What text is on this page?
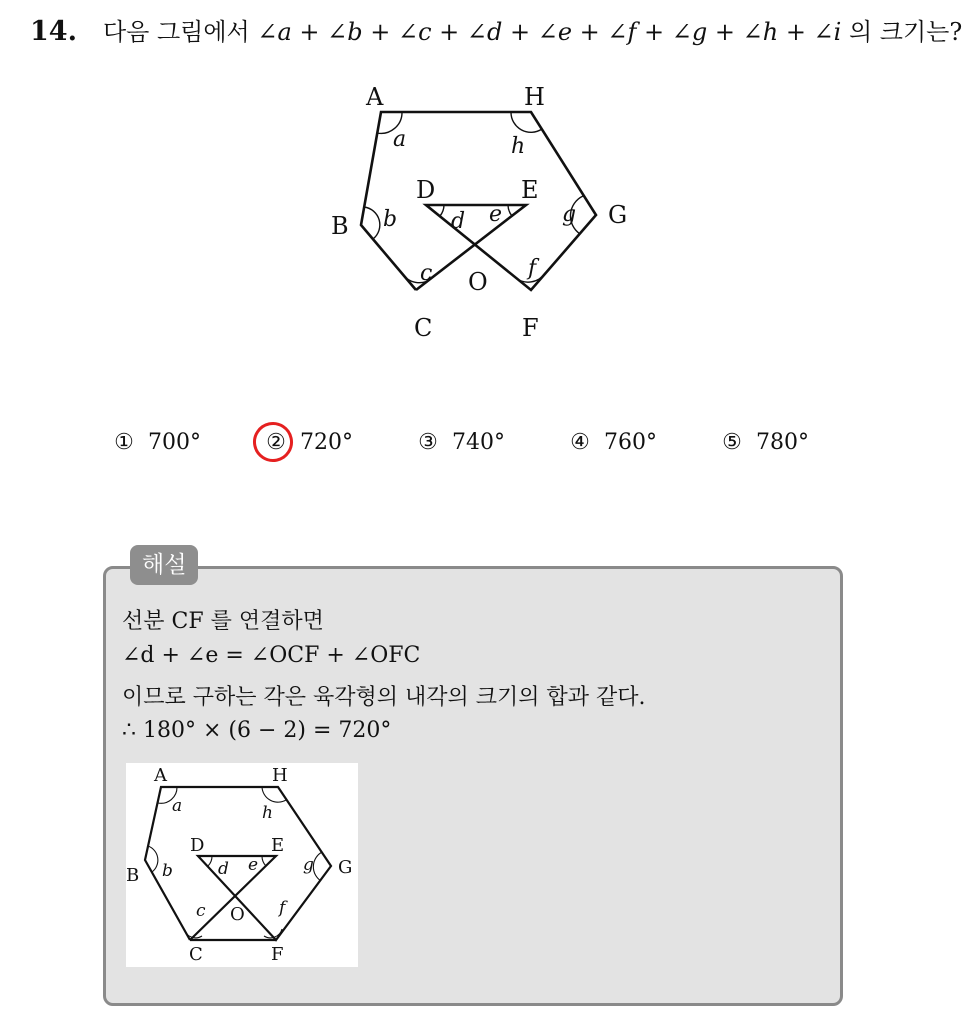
14. 다음 그림에서 ∠a + ∠b + ∠c + ∠d + ∠e + ∠f + ∠g + ∠h + ∠i 의 크기는?
A	H
B	G
D	E
C	F
O
a	h
b	g
d e
c	f
① 700°	② 720°	③ 740°	④ 760°	⑤ 780°
해설
선분 CF 를 연결하면
∠d + ∠e = ∠OCF + ∠OFC
이므로 구하는 각은 육각형의 내각의 크기의 합과 같다.
∴ 180° × (6 − 2) = 720°
A	H
B	G
D	E
C	F
O
a	h
b	g
d e
c	f
